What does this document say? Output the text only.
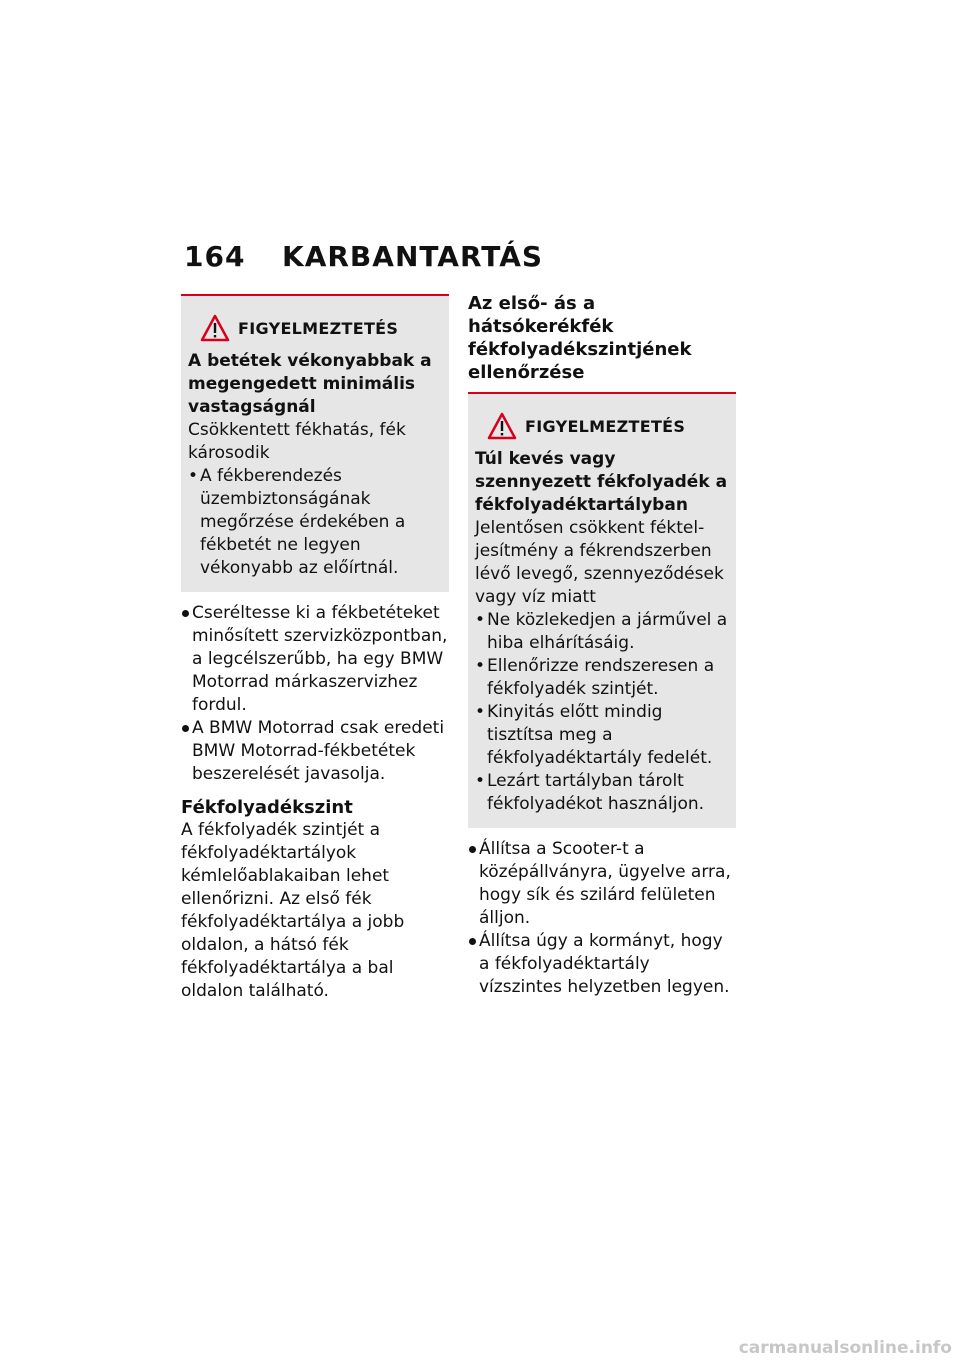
164 KARBANTARTÁS
FIGYELMEZTETÉS

A betétek vékonyabbak a megengedett minimális vastagságnál

Csökkentett fékhatás, fék károsodik

• A fékberendezés üzembiztonságának megőrzése érdekében a fékbetét ne legyen vékonyabb az előírtnál.
Cseréltesse ki a fékbetéteket minősített szervizközpontban, a legcélszerűbb, ha egy BMW Motorrad márkaszervizhez fordul.
A BMW Motorrad csak eredeti BMW Motorrad-fékbetétek beszerelését javasolja.

Fékfolyadékszint

A fékfolyadék szintjét a fékfolyadéktartályok kémlelőablakaiban lehet ellenőrizni. Az első fék fékfolyadéktartálya a jobb oldalon, a hátsó fék fékfolyadéktartálya a bal oldalon található.

Az első- ás a hátsókerékfék fékfolyadékszintjének ellenőrzése

FIGYELMEZTETÉS

Túl kevés vagy szennyezett fékfolyadék a fékfolyadéktartályban

Jelentősen csökkent fékteljesítmény a fékrendszerben lévő levegő, szennyeződések vagy víz miatt

• Ne közlekedjen a járművel a hiba elhárításáig.
• Ellenőrizze rendszeresen a fékfolyadék szintjét.
• Kinyitás előtt mindig tisztítsa meg a fékfolyadéktartály fedelét.
• Lezárt tartályban tárolt fékfolyadékot használjon.
Állítsa a Scooter-t a középállványra, ügyelve arra, hogy sík és szilárd felületen álljon.
Állítsa úgy a kormányt, hogy a fékfolyadéktartály vízszintes helyzetben legyen.
carmanualsonline.info
